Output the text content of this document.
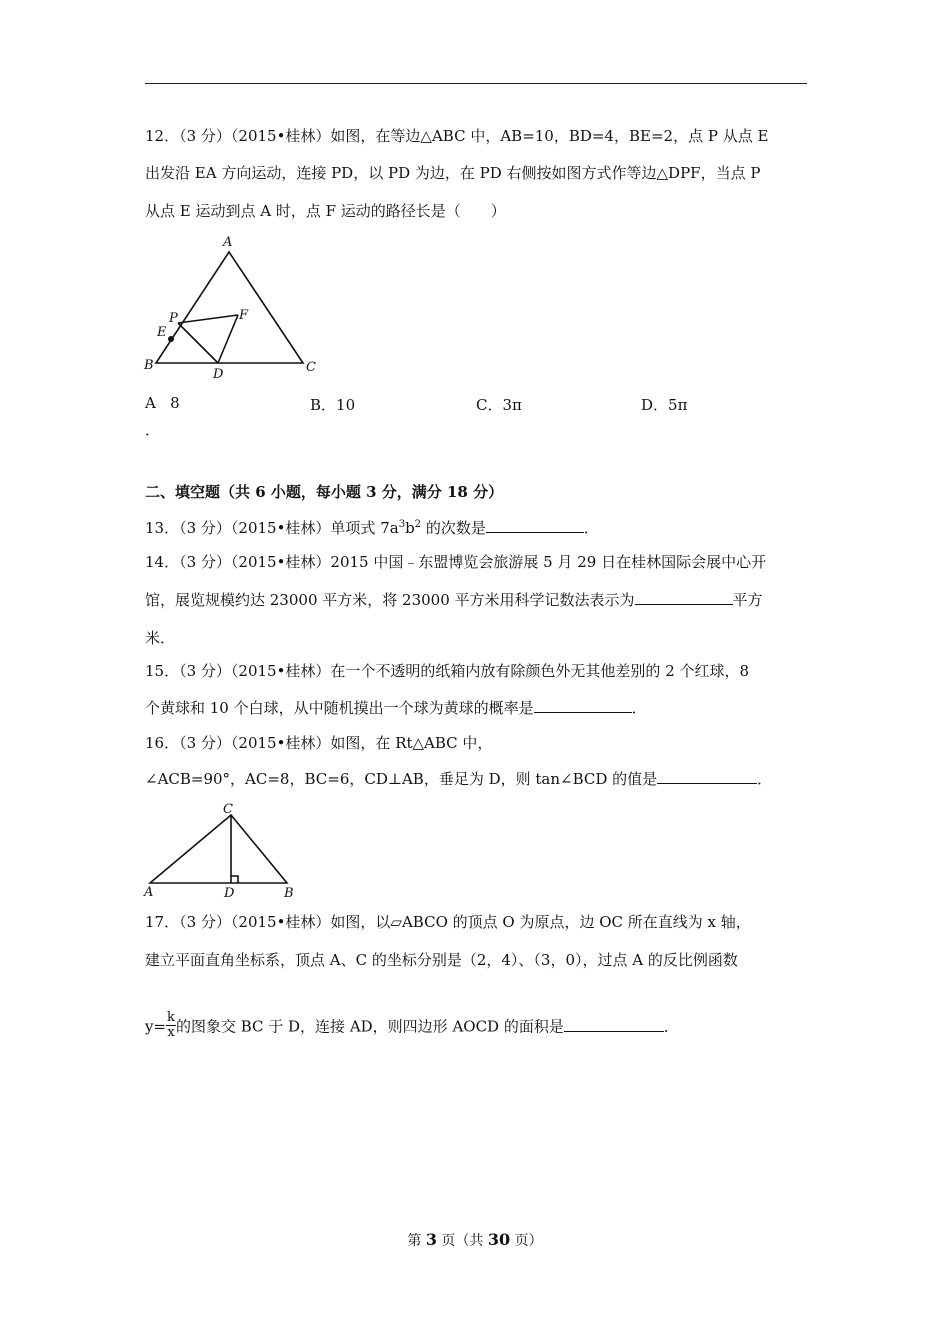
12．（3 分）（2015•桂林）如图，在等边△ABC 中，AB=10，BD=4，BE=2，点 P 从点 E
出发沿 EA 方向运动，连接 PD，以 PD 为边，在 PD 右侧按如图方式作等边△DPF，当点 P
从点 E 运动到点 A 时，点 F 运动的路径长是（　　）
A
B	C
D
E
P	F
A 8	B．10	C．3π	D．5π
．
二、填空题（共 6 小题，每小题 3 分，满分 18 分）
13．（3 分）（2015•桂林）单项式 $7a^3b^2$ 的次数是	．
14．（3 分）（2015•桂林）2015 中国﹣东盟博览会旅游展 5 月 29 日在桂林国际会展中心开
馆，展览规模约达 23000 平方米，将 23000 平方米用科学记数法表示为	平方
米．
15．（3 分）（2015•桂林）在一个不透明的纸箱内放有除颜色外无其他差别的 2 个红球，8
个黄球和 10 个白球，从中随机摸出一个球为黄球的概率是	．
16．（3 分）（2015•桂林）如图，在 Rt△ABC 中，
∠ACB=90°，AC=8，BC=6，CD⊥AB，垂足为 D，则 tan∠BCD 的值是	．
A	B
C
D
17．（3 分）（2015•桂林）如图，以▱ABCO 的顶点 O 为原点，边 OC 所在直线为 x 轴，
建立平面直角坐标系，顶点 A、C 的坐标分别是（2，4）、（3，0），过点 A 的反比例函数
$y= \frac{k}{x}$ 的图象交 BC 于 D，连接 AD，则四边形 AOCD 的面积是	．
第 3 页（共 30 页）
